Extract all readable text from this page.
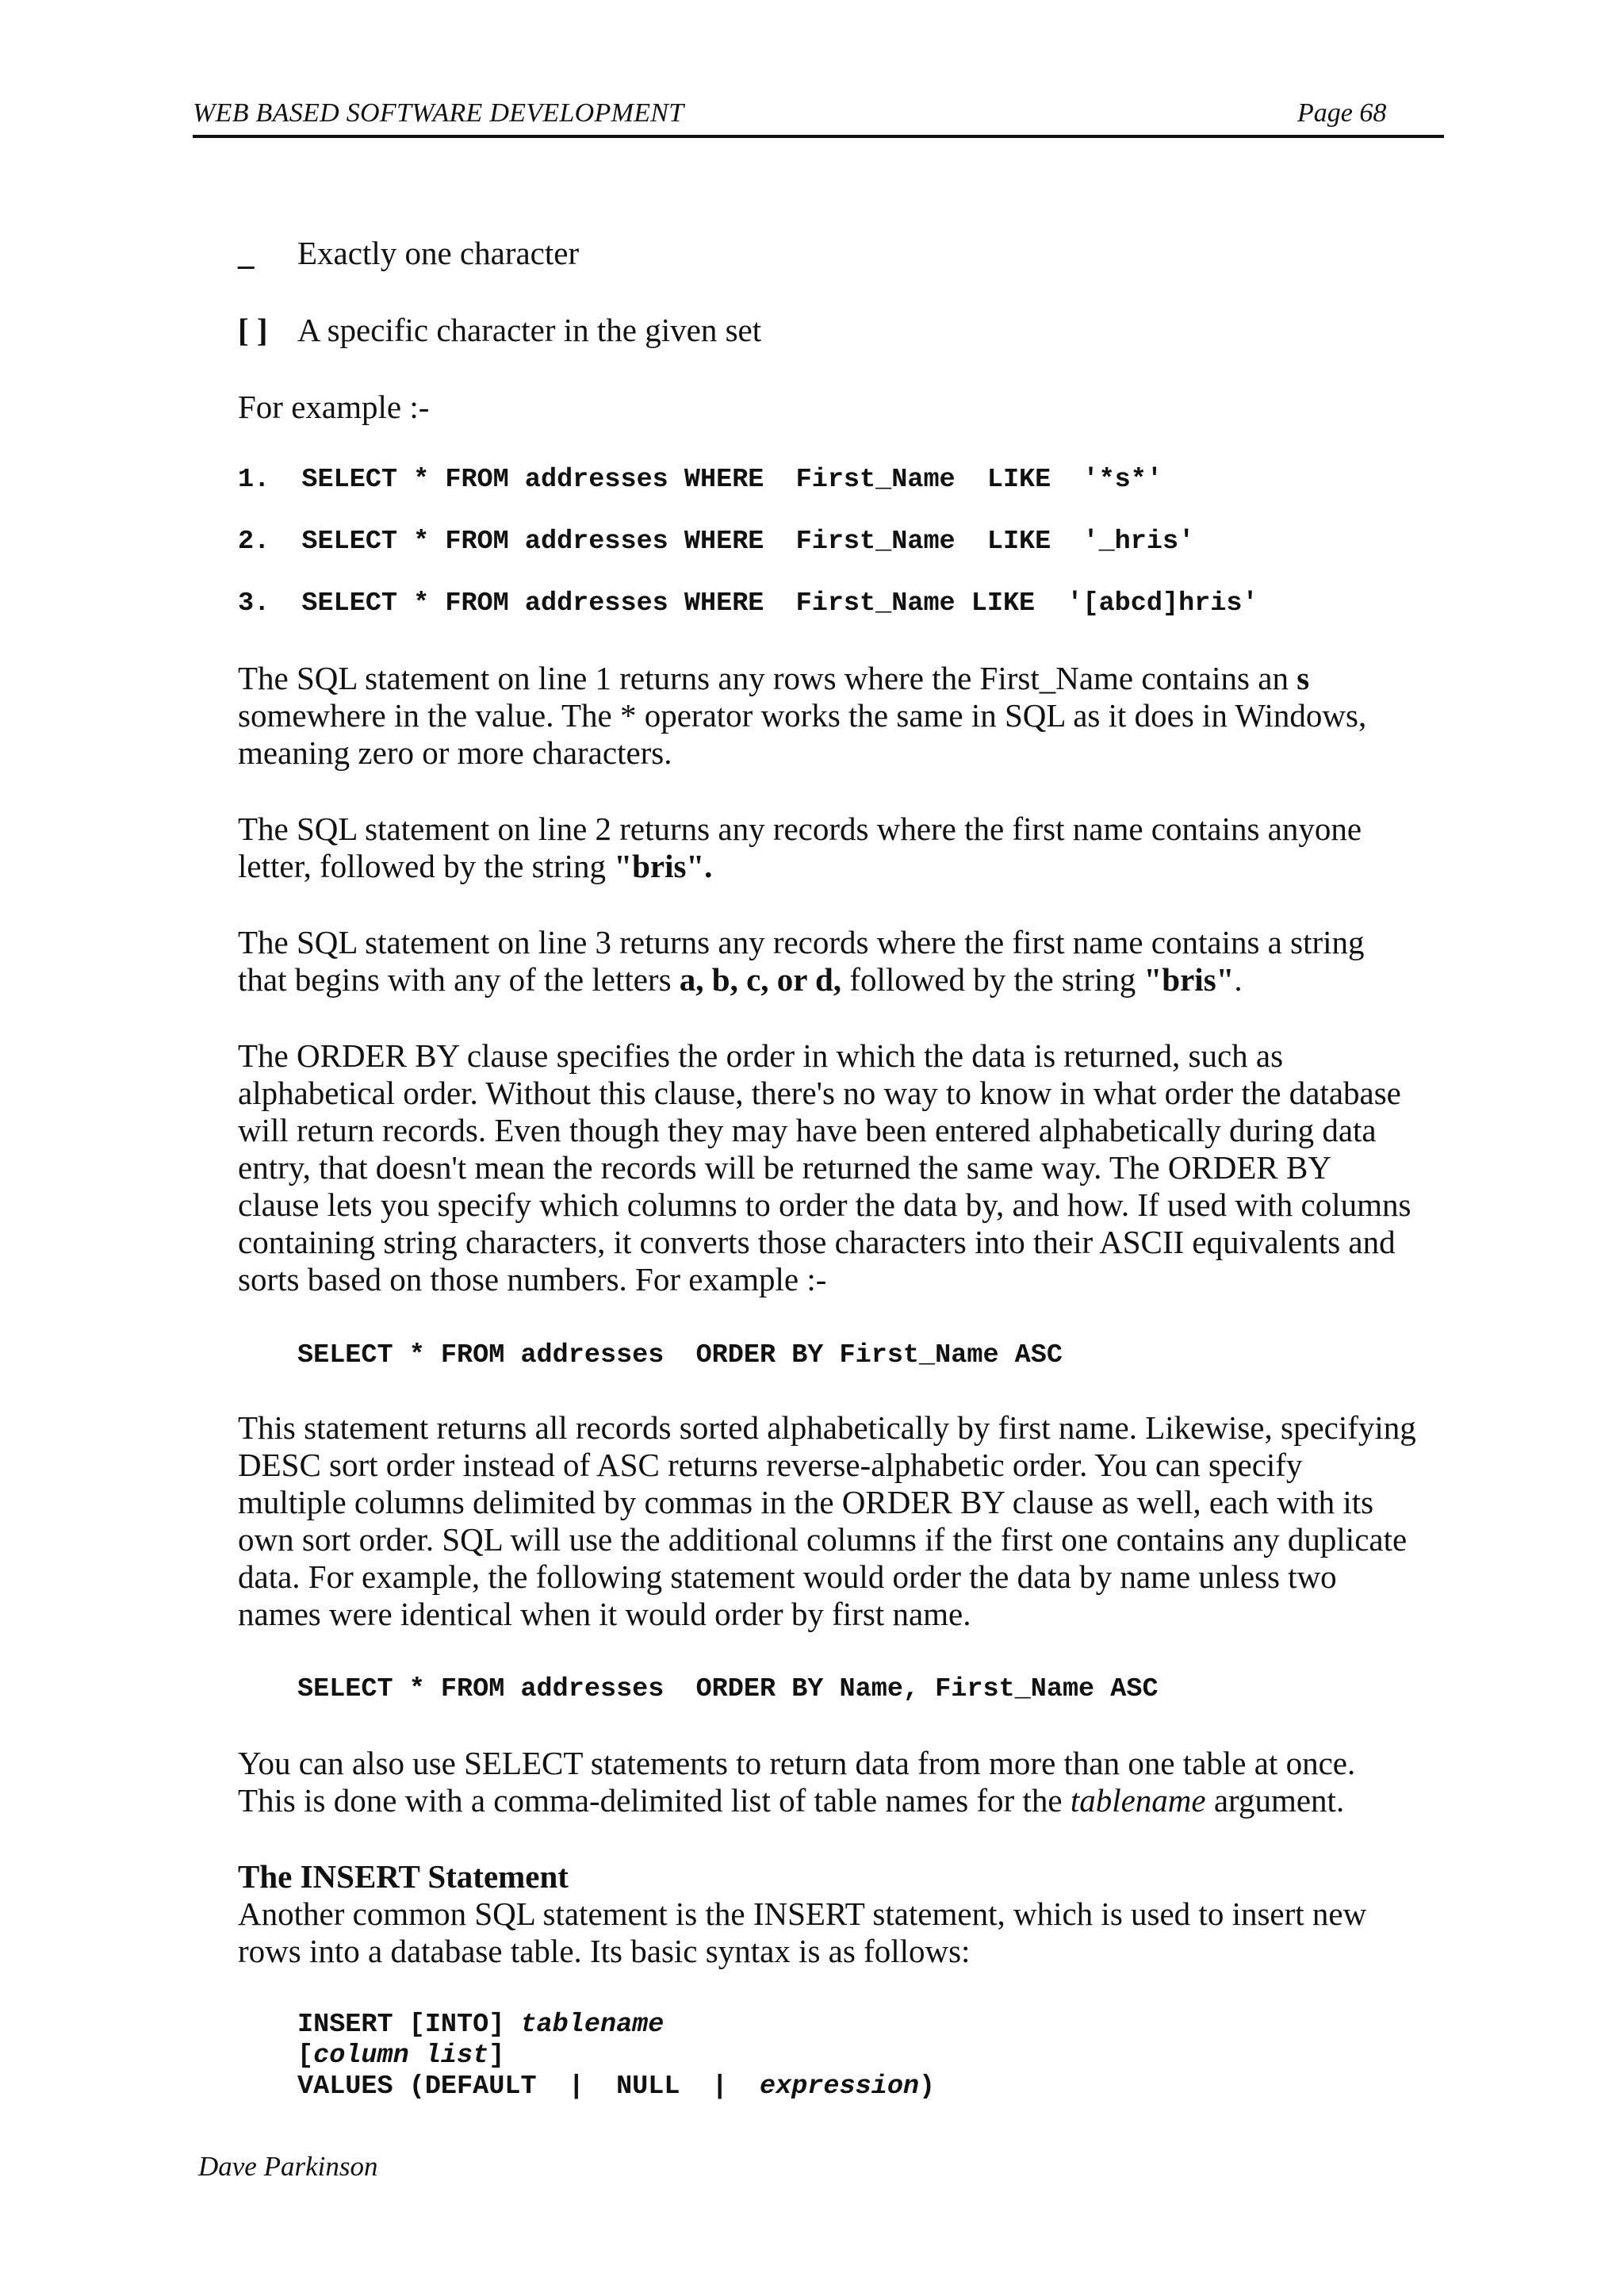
WEB BASED SOFTWARE DEVELOPMENT	Page 68
_ Exactly one character
[ ] A specific character in the given set
For example :-
1.  SELECT * FROM addresses WHERE  First_Name  LIKE  '*s*'
2.  SELECT * FROM addresses WHERE  First_Name  LIKE  '_hris'
3.  SELECT * FROM addresses WHERE  First_Name LIKE  '[abcd]hris'
The SQL statement on line 1 returns any rows where the First_Name contains an s
somewhere in the value. The * operator works the same in SQL as it does in Windows,
meaning zero or more characters.
The SQL statement on line 2 returns any records where the first name contains anyone
letter, followed by the string "bris".
The SQL statement on line 3 returns any records where the first name contains a string
that begins with any of the letters a, b, c, or d, followed by the string "bris".
The ORDER BY clause specifies the order in which the data is returned, such as
alphabetical order. Without this clause, there's no way to know in what order the database
will return records. Even though they may have been entered alphabetically during data
entry, that doesn't mean the records will be returned the same way. The ORDER BY
clause lets you specify which columns to order the data by, and how. If used with columns
containing string characters, it converts those characters into their ASCII equivalents and
sorts based on those numbers. For example :-
SELECT * FROM addresses  ORDER BY First_Name ASC
This statement returns all records sorted alphabetically by first name. Likewise, specifying
DESC sort order instead of ASC returns reverse-alphabetic order. You can specify
multiple columns delimited by commas in the ORDER BY clause as well, each with its
own sort order. SQL will use the additional columns if the first one contains any duplicate
data. For example, the following statement would order the data by name unless two
names were identical when it would order by first name.
SELECT * FROM addresses  ORDER BY Name, First_Name ASC
You can also use SELECT statements to return data from more than one table at once.
This is done with a comma-delimited list of table names for the tablename argument.
The INSERT Statement
Another common SQL statement is the INSERT statement, which is used to insert new
rows into a database table. Its basic syntax is as follows:
INSERT [INTO] tablename
[column list]
VALUES (DEFAULT  |  NULL  |  expression)
Dave Parkinson
